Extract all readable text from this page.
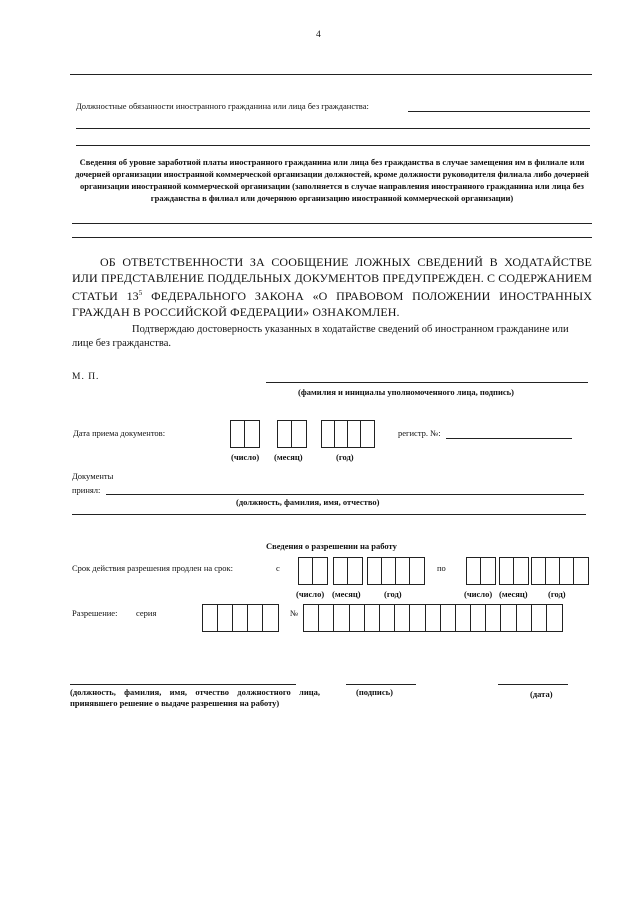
4
Должностные обязанности иностранного гражданина или лица без гражданства:
Сведения об уровне заработной платы иностранного гражданина или лица без гражданства в случае замещения им в филиале или дочерней организации иностранной коммерческой организации должностей, кроме должности руководителя филиала либо дочерней организации иностранной коммерческой организации (заполняется в случае направления иностранного гражданина или лица без гражданства в филиал или дочернюю организацию иностранной коммерческой организации)
ОБ ОТВЕТСТВЕННОСТИ ЗА СООБЩЕНИЕ ЛОЖНЫХ СВЕДЕНИЙ В ХОДАТАЙСТВЕ ИЛИ ПРЕДСТАВЛЕНИЕ ПОДДЕЛЬНЫХ ДОКУМЕНТОВ ПРЕДУПРЕЖДЕН. С СОДЕРЖАНИЕМ СТАТЬИ $13^5$ ФЕДЕРАЛЬНОГО ЗАКОНА «О ПРАВОВОМ ПОЛОЖЕНИИ ИНОСТРАННЫХ ГРАЖДАН В РОССИЙСКОЙ ФЕДЕРАЦИИ» ОЗНАКОМЛЕН.
Подтверждаю достоверность указанных в ходатайстве сведений об иностранном гражданине или лице без гражданства.
М. П.
(фамилия и инициалы уполномоченного лица, подпись)
Дата приема документов:
(число) (месяц)	(год)
регистр. №:
Документы
принял:
(должность, фамилия, имя, отчество)
Сведения о разрешении на работу
Срок действия разрешения продлен на срок:	с
(число) (месяц)	(год)
по
(число) (месяц) (год)
Разрешение: серия	№
(должность, фамилия, имя, отчество должностного лица, принявшего решение о выдаче разрешения на работу)
(подпись)	(дата)
